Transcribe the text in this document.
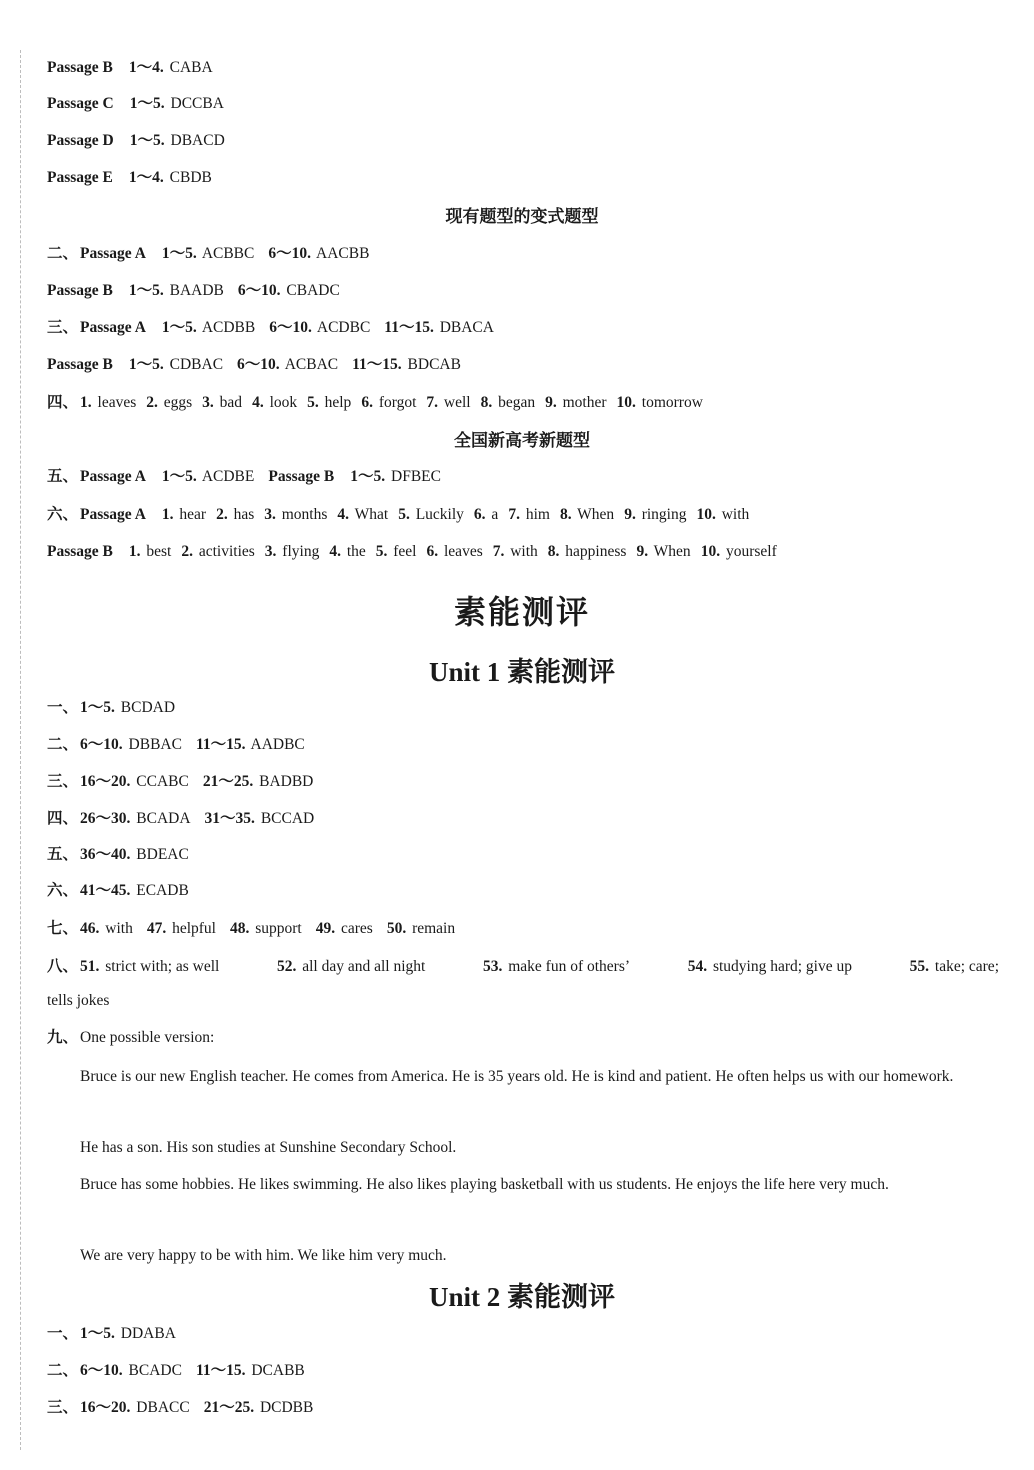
Passage B 1～4. CABA
Passage C 1～5. DCCBA
Passage D 1～5. DBACD
Passage E 1～4. CBDB
现有题型的变式题型
二、 Passage A 1～5. ACBBC 6～10. AACBB
Passage B 1～5. BAADB 6～10. CBADC
三、 Passage A 1～5. ACDBB 6～10. ACDBC 11～15. DBACA
Passage B 1～5. CDBAC 6～10. ACBAC 11～15. BDCAB
四、 1. leaves 2. eggs 3. bad 4. look 5. help 6. forgot 7. well 8. began 9. mother 10. tomorrow
全国新高考新题型
五、 Passage A 1～5. ACDBE Passage B 1～5. DFBEC
六、 Passage A 1. hear 2. has 3. months 4. What 5. Luckily 6. a 7. him 8. When 9. ringing 10. with
Passage B 1. best 2. activities 3. flying 4. the 5. feel 6. leaves 7. with 8. happiness 9. When 10. yourself
素能测评
Unit 1 素能测评
一、 1～5. BCDAD
二、 6～10. DBBAC 11～15. AADBC
三、 16～20. CCABC 21～25. BADBD
四、 26～30. BCADA 31～35. BCCAD
五、 36～40. BDEAC
六、 41～45. ECADB
七、 46. with 47. helpful 48. support 49. cares 50. remain
八、 51. strict with; as well	52. all day and all night	53. make fun of others’	54. studying hard; give up	55. take; care;
tells jokes
九、 One possible version:
Bruce is our new English teacher. He comes from America. He is 35 years old. He is kind and patient. He often helps us with our homework.
He has a son. His son studies at Sunshine Secondary School.
Bruce has some hobbies. He likes swimming. He also likes playing basketball with us students. He enjoys the life here very much.
We are very happy to be with him. We like him very much.
Unit 2 素能测评
一、 1～5. DDABA
二、 6～10. BCADC 11～15. DCABB
三、 16～20. DBACC 21～25. DCDBB
